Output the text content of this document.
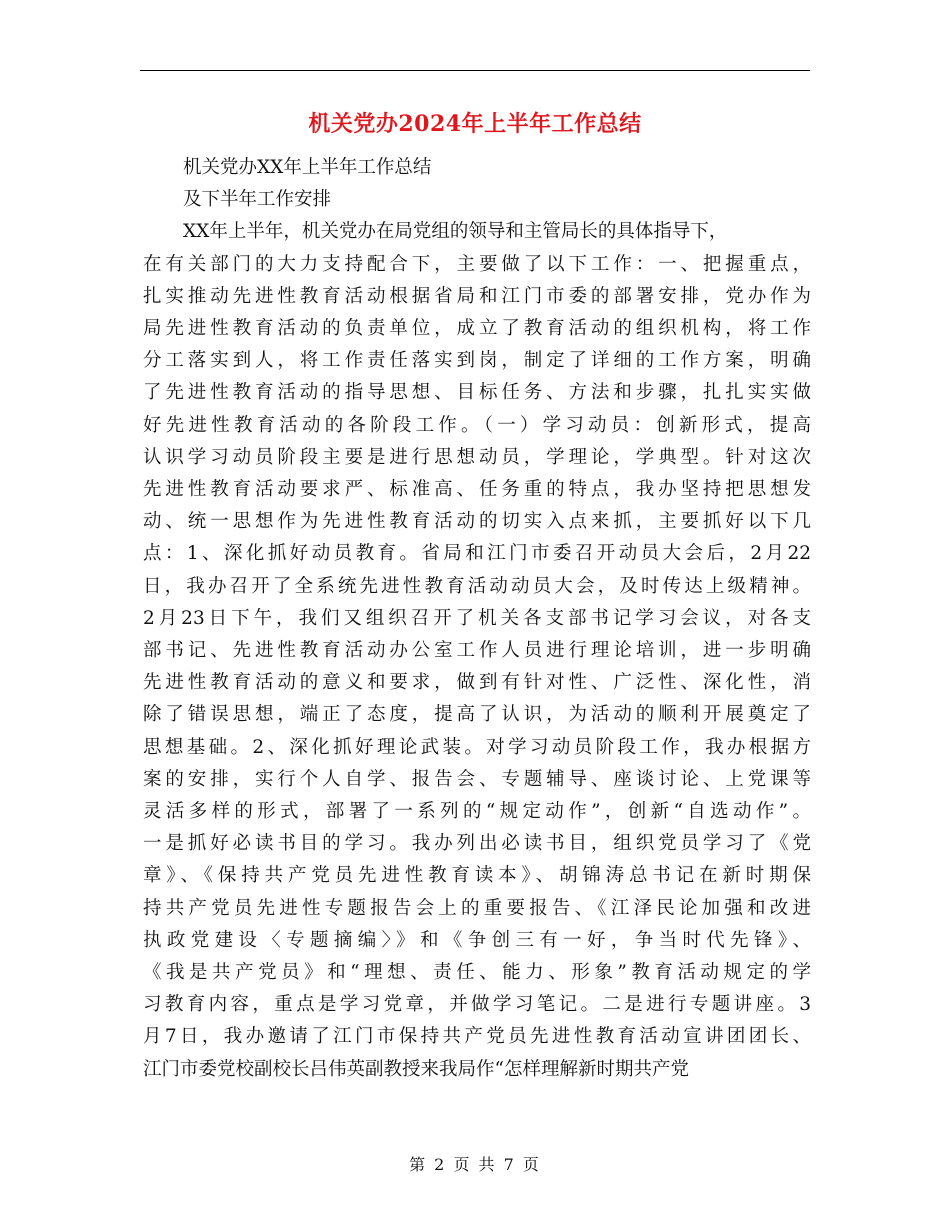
机关党办2024年上半年工作总结
机关党办XX年上半年工作总结
及下半年工作安排
XX年上半年，机关党办在局党组的领导和主管局长的具体指导下，
在有关部门的大力支持配合下，主要做了以下工作：一、把握重点，
扎实推动先进性教育活动根据省局和江门市委的部署安排，党办作为
局先进性教育活动的负责单位，成立了教育活动的组织机构，将工作
分工落实到人，将工作责任落实到岗，制定了详细的工作方案，明确
了先进性教育活动的指导思想、目标任务、方法和步骤，扎扎实实做
好先进性教育活动的各阶段工作。（一）学习动员：创新形式，提高
认识学习动员阶段主要是进行思想动员，学理论，学典型。针对这次
先进性教育活动要求严、标准高、任务重的特点，我办坚持把思想发
动、统一思想作为先进性教育活动的切实入点来抓，主要抓好以下几
点：1、深化抓好动员教育。省局和江门市委召开动员大会后，2月22
日，我办召开了全系统先进性教育活动动员大会，及时传达上级精神。
2月23日下午，我们又组织召开了机关各支部书记学习会议，对各支
部书记、先进性教育活动办公室工作人员进行理论培训，进一步明确
先进性教育活动的意义和要求，做到有针对性、广泛性、深化性，消
除了错误思想，端正了态度，提高了认识，为活动的顺利开展奠定了
思想基础。2、深化抓好理论武装。对学习动员阶段工作，我办根据方
案的安排，实行个人自学、报告会、专题辅导、座谈讨论、上党课等
灵活多样的形式，部署了一系列的“规定动作”，创新“自选动作”。
一是抓好必读书目的学习。我办列出必读书目，组织党员学习了《党
章》、《保持共产党员先进性教育读本》、胡锦涛总书记在新时期保
持共产党员先进性专题报告会上的重要报告、《江泽民论加强和改进
执政党建设〈专题摘编〉》和《争创三有一好，争当时代先锋》、
《我是共产党员》和“理想、责任、能力、形象”教育活动规定的学
习教育内容，重点是学习党章，并做学习笔记。二是进行专题讲座。3
月7日，我办邀请了江门市保持共产党员先进性教育活动宣讲团团长、
江门市委党校副校长吕伟英副教授来我局作“怎样理解新时期共产党
第 2 页 共 7 页
